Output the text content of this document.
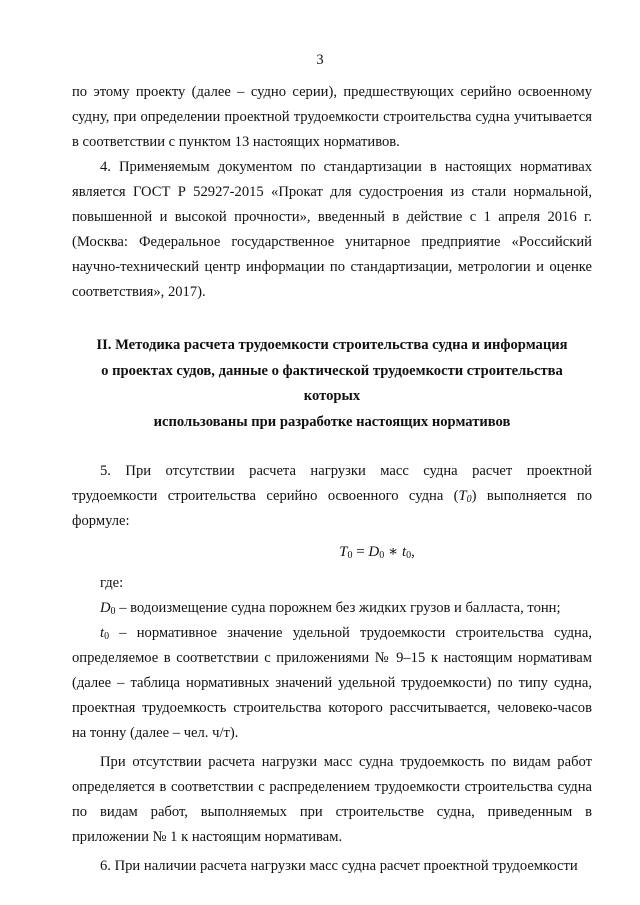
3

по этому проекту (далее – судно серии), предшествующих серийно освоенному судну, при определении проектной трудоемкости строительства судна учитывается в соответствии с пунктом 13 настоящих нормативов.

4. Применяемым документом по стандартизации в настоящих нормативах является ГОСТ Р 52927-2015 «Прокат для судостроения из стали нормальной, повышенной и высокой прочности», введенный в действие с 1 апреля 2016 г. (Москва: Федеральное государственное унитарное предприятие «Российский научно-технический центр информации по стандартизации, метрологии и оценке соответствия», 2017).

II. Методика расчета трудоемкости строительства судна и информация
о проектах судов, данные о фактической трудоемкости строительства которых
использованы при разработке настоящих нормативов

5. При отсутствии расчета нагрузки масс судна расчет проектной трудоемкости строительства серийно освоенного судна $(T_0)$ выполняется по формуле:

$T_0 = D_0$ ∗ $t_0$,

где:

$D_0$ – водоизмещение судна порожнем без жидких грузов и балласта, тонн;

$t_0$ – нормативное значение удельной трудоемкости строительства судна, определяемое в соответствии с приложениями № 9–15 к настоящим нормативам (далее – таблица нормативных значений удельной трудоемкости) по типу судна, проектная трудоемкость строительства которого рассчитывается, человеко-часов на тонну (далее – чел. ч/т).

При отсутствии расчета нагрузки масс судна трудоемкость по видам работ определяется в соответствии с распределением трудоемкости строительства судна по видам работ, выполняемых при строительстве судна, приведенным в приложении № 1 к настоящим нормативам.

6. При наличии расчета нагрузки масс судна расчет проектной трудоемкости
